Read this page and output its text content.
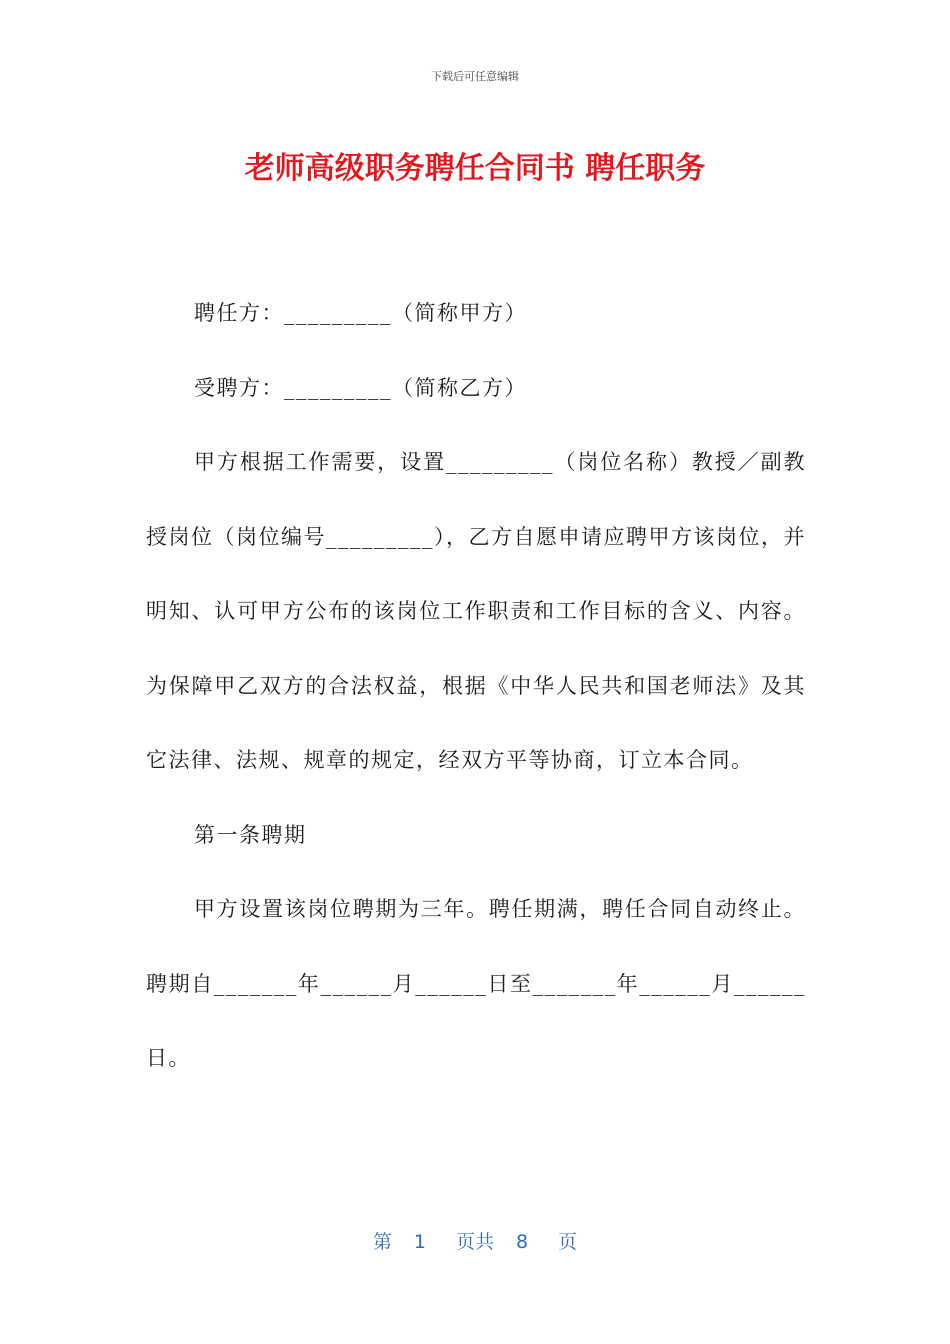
下载后可任意编辑
老师高级职务聘任合同书 聘任职务

聘任方：_________（简称甲方）

受聘方：_________（简称乙方）

甲方根据工作需要，设置_________（岗位名称）教授／副教授岗位（岗位编号_________），乙方自愿申请应聘甲方该岗位，并明知、认可甲方公布的该岗位工作职责和工作目标的含义、内容。为保障甲乙双方的合法权益，根据《中华人民共和国老师法》及其它法律、法规、规章的规定，经双方平等协商，订立本合同。

第一条聘期

甲方设置该岗位聘期为三年。聘任期满，聘任合同自动终止。聘期自_______年______月______日至_______年______月______日。

第 1 页共 8 页
